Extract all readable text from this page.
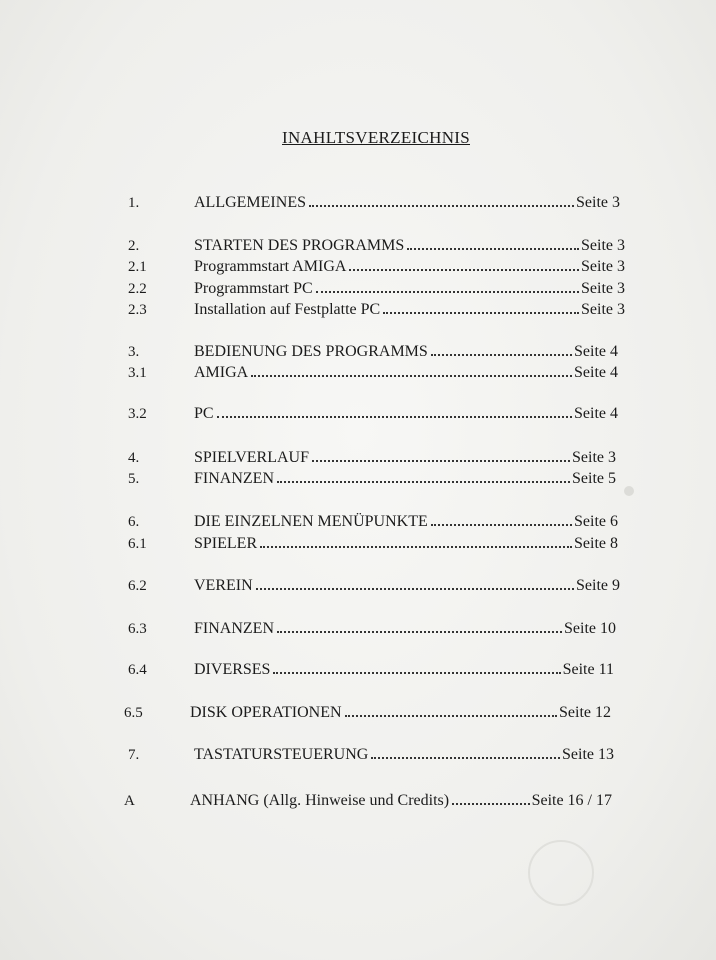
INAHLTSVERZEICHNIS
1.	ALLGEMEINES	Seite 3
2.	STARTEN DES PROGRAMMS	Seite 3
2.1	Programmstart AMIGA	Seite 3
2.2	Programmstart PC	Seite 3
2.3	Installation auf Festplatte PC	Seite 3
3.	BEDIENUNG DES PROGRAMMS	Seite 4
3.1	AMIGA	Seite 4
3.2	PC	Seite 4
4.	SPIELVERLAUF	Seite 3
5.	FINANZEN	Seite 5
6.	DIE EINZELNEN MENÜPUNKTE	Seite 6
6.1	SPIELER	Seite 8
6.2	VEREIN	Seite 9
6.3	FINANZEN	Seite 10
6.4	DIVERSES	Seite 11
6.5	DISK OPERATIONEN	Seite 12
7.	TASTATURSTEUERUNG	Seite 13
A	ANHANG (Allg. Hinweise und Credits)	Seite 16 / 17
